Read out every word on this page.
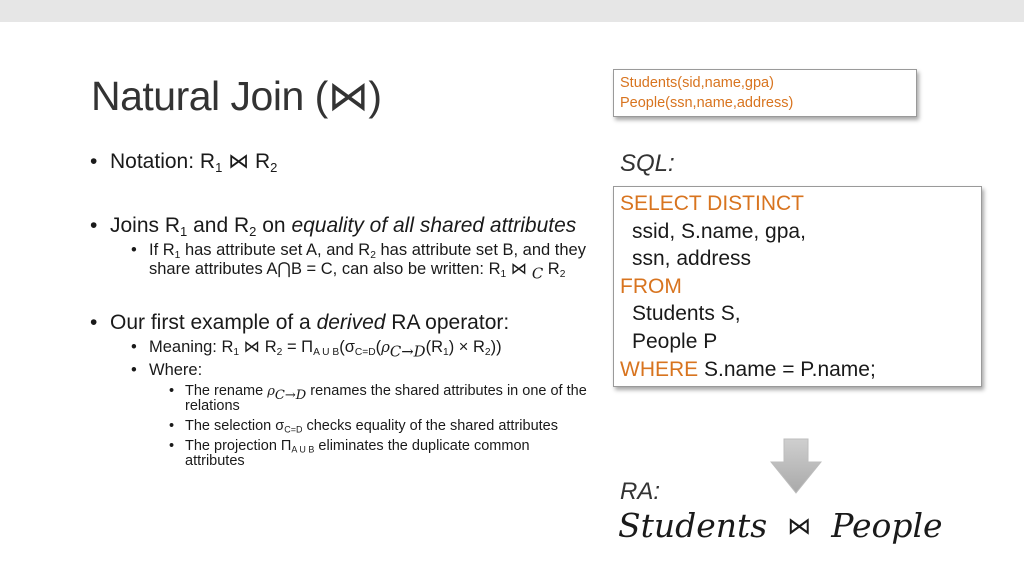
Natural Join (⋈)
• Notation: $R_1$ ⋈ $R_2$
• Joins $R_1$ and $R_2$ on equality of all shared attributes
• If $R_1$ has attribute set A, and $R_2$ has attribute set B, and they share attributes A⋂B = C, can also be written: $R_1$ ⋈ $_C$ $R_2$
• Our first example of a derived RA operator:
• Meaning: $R_1$ ⋈ $R_2 = \Pi_{A U B}(\sigma_{C=D}(\rho_{C\to D}(R_1) \times R_2))$
• Where:
• The rename $\rho_{C\to D}$ renames the shared attributes in one of the relations
• The selection $\sigma_{C=D}$ checks equality of the shared attributes
• The projection $\Pi_{A U B}$ eliminates the duplicate common attributes
Students(sid,name,gpa)
People(ssn,name,address)
SQL:
SELECT DISTINCT
ssid, S.name, gpa,
ssn, address
FROM
Students S,
People P
WHERE S.name = P.name;
RA:
Students ⋈ People
